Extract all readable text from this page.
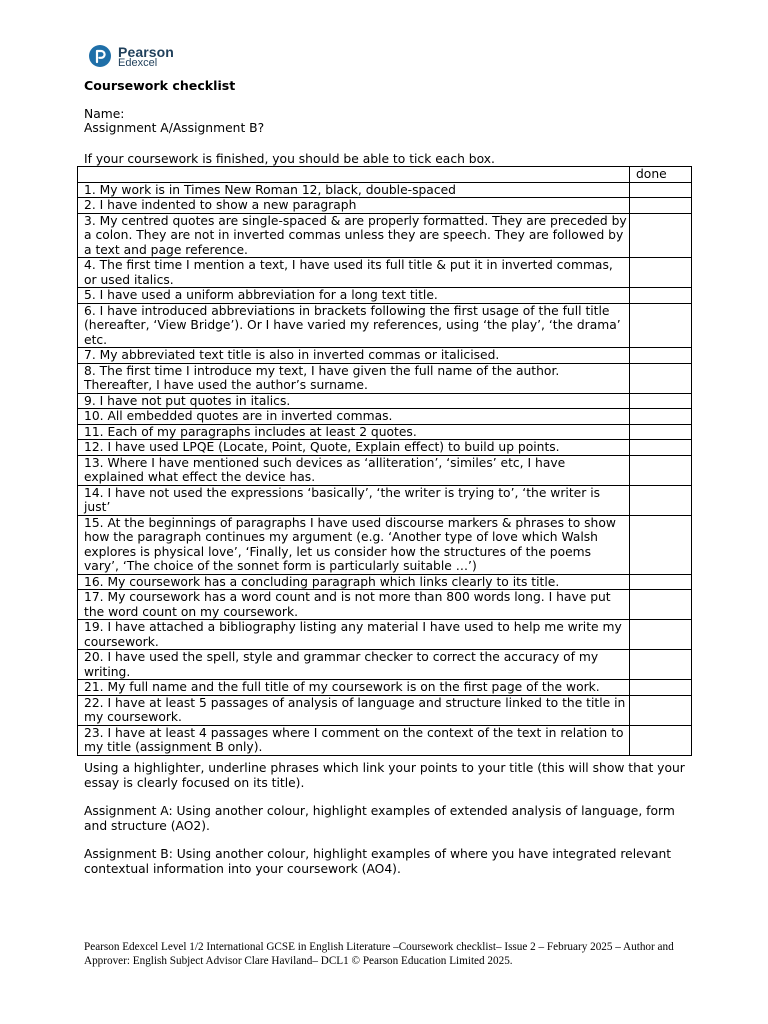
Pearson
Edexcel
Coursework checklist
Name:
Assignment A/Assignment B?
If your coursework is finished, you should be able to tick each box.
	done
1. My work is in Times New Roman 12, black, double-spaced	
2. I have indented to show a new paragraph	
3. My centred quotes are single-spaced & are properly formatted. They are preceded by a colon. They are not in inverted commas unless they are speech. They are followed by a text and page reference.	
4. The first time I mention a text, I have used its full title & put it in inverted commas, or used italics.	
5. I have used a uniform abbreviation for a long text title.	
6. I have introduced abbreviations in brackets following the first usage of the full title (hereafter, ‘View Bridge’). Or I have varied my references, using ‘the play’, ‘the drama’ etc.	
7. My abbreviated text title is also in inverted commas or italicised.	
8. The first time I introduce my text, I have given the full name of the author. Thereafter, I have used the author’s surname.	
9. I have not put quotes in italics.	
10. All embedded quotes are in inverted commas.	
11. Each of my paragraphs includes at least 2 quotes.	
12. I have used LPQE (Locate, Point, Quote, Explain effect) to build up points.	
13. Where I have mentioned such devices as ‘alliteration’, ‘similes’ etc, I have explained what effect the device has.	
14. I have not used the expressions ‘basically’, ‘the writer is trying to’, ‘the writer is just’	
15. At the beginnings of paragraphs I have used discourse markers & phrases to show how the paragraph continues my argument (e.g. ‘Another type of love which Walsh explores is physical love’, ‘Finally, let us consider how the structures of the poems vary’, ‘The choice of the sonnet form is particularly suitable …’)	
16. My coursework has a concluding paragraph which links clearly to its title.	
17. My coursework has a word count and is not more than 800 words long. I have put the word count on my coursework.	
19. I have attached a bibliography listing any material I have used to help me write my coursework.	
20. I have used the spell, style and grammar checker to correct the accuracy of my writing.	
21. My full name and the full title of my coursework is on the first page of the work.	
22. I have at least 5 passages of analysis of language and structure linked to the title in my coursework.	
23. I have at least 4 passages where I comment on the context of the text in relation to my title (assignment B only).	

Using a highlighter, underline phrases which link your points to your title (this will show that your essay is clearly focused on its title).

Assignment A: Using another colour, highlight examples of extended analysis of language, form and structure (AO2).

Assignment B: Using another colour, highlight examples of where you have integrated relevant contextual information into your coursework (AO4).

Pearson Edexcel Level 1/2 International GCSE in English Literature –Coursework checklist– Issue 2 – February 2025 – Author and Approver: English Subject Advisor Clare Haviland– DCL1 © Pearson Education Limited 2025.
